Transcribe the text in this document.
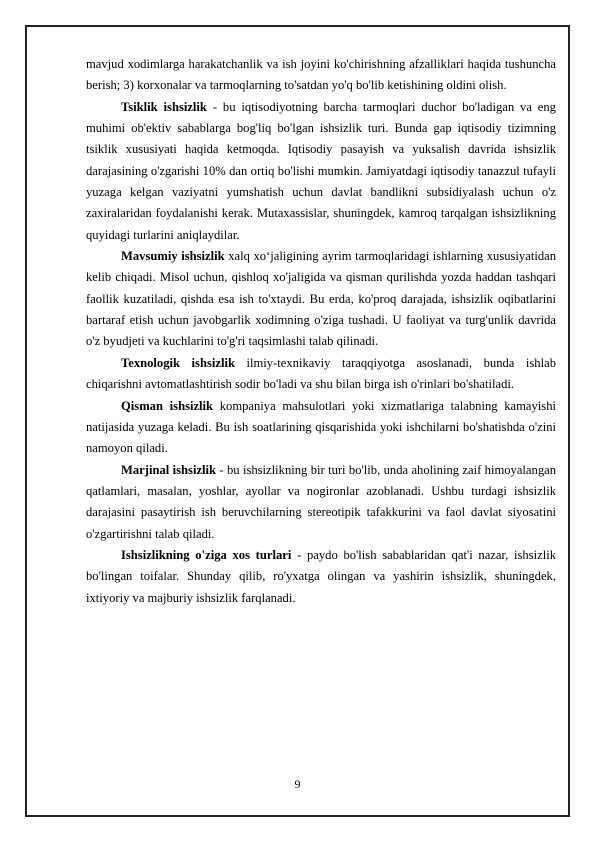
mavjud xodimlarga harakatchanlik va ish joyini ko'chirishning afzalliklari haqida tushuncha berish; 3) korxonalar va tarmoqlarning to'satdan yo'q bo'lib ketishining oldini olish.

Tsiklik ishsizlik - bu iqtisodiyotning barcha tarmoqlari duchor bo'ladigan va eng muhimi ob'ektiv sabablarga bog'liq bo'lgan ishsizlik turi. Bunda gap iqtisodiy tizimning tsiklik xususiyati haqida ketmoqda. Iqtisodiy pasayish va yuksalish davrida ishsizlik darajasining o'zgarishi 10% dan ortiq bo'lishi mumkin. Jamiyatdagi iqtisodiy tanazzul tufayli yuzaga kelgan vaziyatni yumshatish uchun davlat bandlikni subsidiyalash uchun o'z zaxiralaridan foydalanishi kerak. Mutaxassislar, shuningdek, kamroq tarqalgan ishsizlikning quyidagi turlarini aniqlaydilar.

Mavsumiy ishsizlik xalq xo‘jaligining ayrim tarmoqlaridagi ishlarning xususiyatidan kelib chiqadi. Misol uchun, qishloq xo'jaligida va qisman qurilishda yozda haddan tashqari faollik kuzatiladi, qishda esa ish to'xtaydi. Bu erda, ko'proq darajada, ishsizlik oqibatlarini bartaraf etish uchun javobgarlik xodimning o'ziga tushadi. U faoliyat va turg'unlik davrida o'z byudjeti va kuchlarini to'g'ri taqsimlashi talab qilinadi.

Texnologik ishsizlik ilmiy-texnikaviy taraqqiyotga asoslanadi, bunda ishlab chiqarishni avtomatlashtirish sodir bo'ladi va shu bilan birga ish o'rinlari bo'shatiladi.

Qisman ishsizlik kompaniya mahsulotlari yoki xizmatlariga talabning kamayishi natijasida yuzaga keladi. Bu ish soatlarining qisqarishida yoki ishchilarni bo'shatishda o'zini namoyon qiladi.

Marjinal ishsizlik - bu ishsizlikning bir turi bo'lib, unda aholining zaif himoyalangan qatlamlari, masalan, yoshlar, ayollar va nogironlar azoblanadi. Ushbu turdagi ishsizlik darajasini pasaytirish ish beruvchilarning stereotipik tafakkurini va faol davlat siyosatini o'zgartirishni talab qiladi.

Ishsizlikning o'ziga xos turlari - paydo bo'lish sabablaridan qat'i nazar, ishsizlik bo'lingan toifalar. Shunday qilib, ro'yxatga olingan va yashirin ishsizlik, shuningdek, ixtiyoriy va majburiy ishsizlik farqlanadi.

9
